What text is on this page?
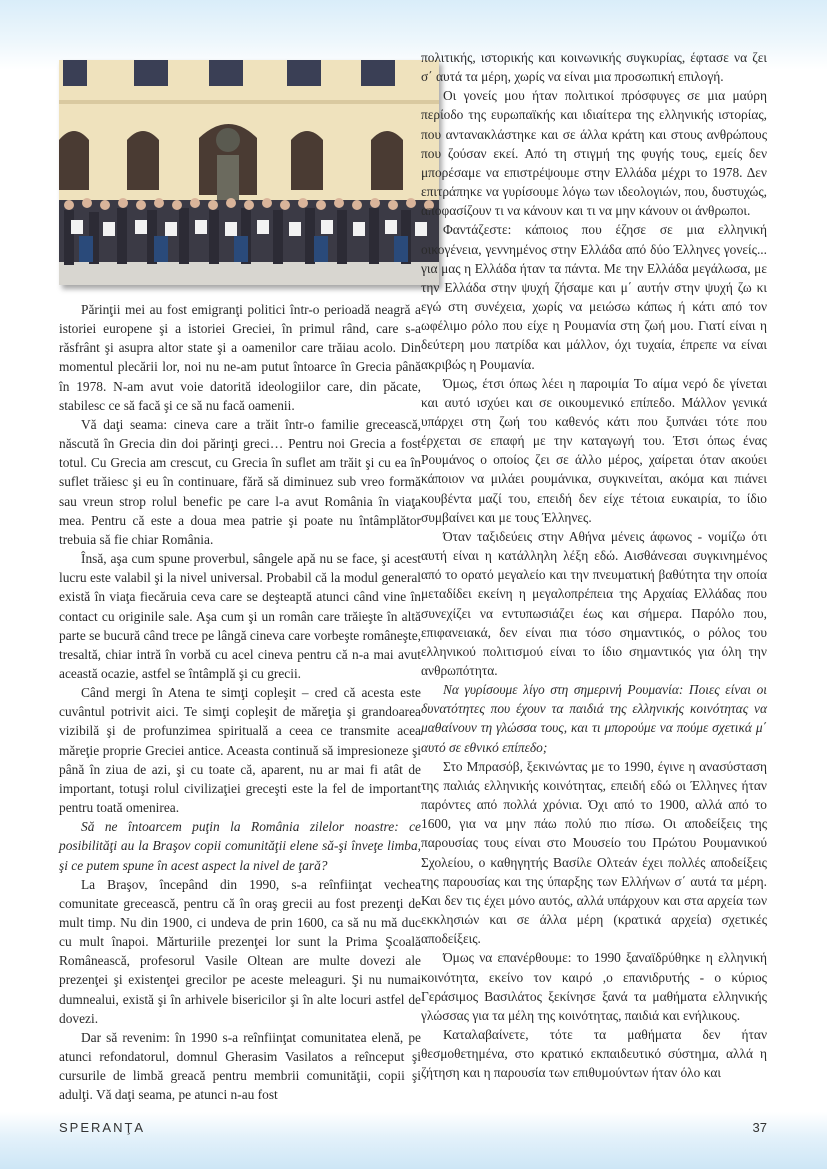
Părinţii mei au fost emigranţi politici într-o perioadă neagră a istoriei europene şi a istoriei Greciei, în primul rând, care s-a răsfrânt şi asupra altor state şi a oamenilor care trăiau acolo. Din momentul plecării lor, noi nu ne-am putut întoarce în Grecia până în 1978. N-am avut voie datorită ideologiilor care, din păcate, stabilesc ce să facă şi ce să nu facă oamenii.

Vă daţi seama: cineva care a trăit într-o familie grecească, născută în Grecia din doi părinţi greci… Pentru noi Grecia a fost totul. Cu Grecia am crescut, cu Grecia în suflet am trăit şi cu ea în suflet trăiesc şi eu în continuare, fără să diminuez sub vreo formă sau vreun strop rolul benefic pe care l-a avut România în viaţa mea. Pentru că este a doua mea patrie şi poate nu întâmplător trebuia să fie chiar România.

Însă, aşa cum spune proverbul, sângele apă nu se face, şi acest lucru este valabil şi la nivel universal. Probabil că la modul general există în viaţa fiecăruia ceva care se deşteaptă atunci când vine în contact cu originile sale. Aşa cum şi un român care trăieşte în altă parte se bucură când trece pe lângă cineva care vorbeşte româneşte, tresaltă, chiar intră în vorbă cu acel cineva pentru că n-a mai avut această ocazie, astfel se întâmplă şi cu grecii.

Când mergi în Atena te simţi copleşit – cred că acesta este cuvântul potrivit aici. Te simţi copleşit de măreţia şi grandoarea vizibilă şi de profunzimea spirituală a ceea ce transmite acea măreţie proprie Greciei antice. Aceasta continuă să impresioneze şi până în ziua de azi, şi cu toate că, aparent, nu ar mai fi atât de important, totuşi rolul civilizaţiei greceşti este la fel de important pentru toată omenirea.

Să ne întoarcem puţin la România zilelor noastre: ce posibilităţi au la Braşov copii comunităţii elene să-şi înveţe limba, şi ce putem spune în acest aspect la nivel de ţară?

La Braşov, începând din 1990, s-a reînfiinţat vechea comunitate grecească, pentru că în oraş grecii au fost prezenţi de mult timp. Nu din 1900, ci undeva de prin 1600, ca să nu mă duc cu mult înapoi. Mărturiile prezenţei lor sunt la Prima Şcoală Românească, profesorul Vasile Oltean are multe dovezi ale prezenţei şi existenţei grecilor pe aceste meleaguri. Şi nu numai dumnealui, există şi în arhivele bisericilor şi în alte locuri astfel de dovezi.

Dar să revenim: în 1990 s-a reînfiinţat comunitatea elenă, pe atunci refondatorul, domnul Gherasim Vasilatos a reînceput şi cursurile de limbă greacă pentru membrii comunităţii, copii şi adulţi. Vă daţi seama, pe atunci n-au fost

πολιτικής, ιστορικής και κοινωνικής συγκυρίας, έφτασε να ζει σ΄ αυτά τα μέρη, χωρίς να είναι μια προσωπική επιλογή.

Οι γονείς μου ήταν πολιτικοί πρόσφυγες σε μια μαύρη περίοδο της ευρωπαϊκής και ιδιαίτερα της ελληνικής ιστορίας, που αντανακλάστηκε και σε άλλα κράτη και στους ανθρώπους που ζούσαν εκεί. Από τη στιγμή της φυγής τους, εμείς δεν μπορέσαμε να επιστρέψουμε στην Ελλάδα μέχρι το 1978. Δεν επιτράπηκε να γυρίσουμε λόγω των ιδεολογιών, που, δυστυχώς, αποφασίζουν τι να κάνουν και τι να μην κάνουν οι άνθρωποι.

Φαντάζεστε: κάποιος που έζησε σε μια ελληνική οικογένεια, γεννημένος στην Ελλάδα από δύο Έλληνες γονείς... για μας η Ελλάδα ήταν τα πάντα. Με την Ελλάδα μεγάλωσα, με την Ελλάδα στην ψυχή ζήσαμε και μ΄ αυτήν στην ψυχή ζω κι εγώ στη συνέχεια, χωρίς να μειώσω κάπως ή κάτι από τον ωφέλιμο ρόλο που είχε η Ρουμανία στη ζωή μου. Γιατί είναι η δεύτερη μου πατρίδα και μάλλον, όχι τυχαία, έπρεπε να είναι ακριβώς η Ρουμανία.

Όμως, έτσι όπως λέει η παροιμία Το αίμα νερό δε γίνεται και αυτό ισχύει και σε οικουμενικό επίπεδο. Μάλλον γενικά υπάρχει στη ζωή του καθενός κάτι που ξυπνάει τότε που έρχεται σε επαφή με την καταγωγή του. Έτσι όπως ένας Ρουμάνος ο οποίος ζει σε άλλο μέρος, χαίρεται όταν ακούει κάποιον να μιλάει ρουμάνικα, συγκινείται, ακόμα και πιάνει κουβέντα μαζί του, επειδή δεν είχε τέτοια ευκαιρία, το ίδιο συμβαίνει και με τους Έλληνες.

Όταν ταξιδεύεις στην Αθήνα μένεις άφωνος - νομίζω ότι αυτή είναι η κατάλληλη λέξη εδώ. Αισθάνεσαι συγκινημένος από το ορατό μεγαλείο και την πνευματική βαθύτητα την οποία μεταδίδει εκείνη η μεγαλοπρέπεια της Αρχαίας Ελλάδας που συνεχίζει να εντυπωσιάζει έως και σήμερα. Παρόλο που, επιφανειακά, δεν είναι πια τόσο σημαντικός, ο ρόλος του ελληνικού πολιτισμού είναι το ίδιο σημαντικός για όλη την ανθρωπότητα.

Να γυρίσουμε λίγο στη σημερινή Ρουμανία: Ποιες είναι οι δυνατότητες που έχουν τα παιδιά της ελληνικής κοινότητας να μαθαίνουν τη γλώσσα τους, και τι μπορούμε να πούμε σχετικά μ΄ αυτό σε εθνικό επίπεδο;

Στο Μπρασόβ, ξεκινώντας με το 1990, έγινε η ανασύσταση της παλιάς ελληνικής κοινότητας, επειδή εδώ οι Έλληνες ήταν παρόντες από πολλά χρόνια. Όχι από το 1900, αλλά από το 1600, για να μην πάω πολύ πιο πίσω. Οι αποδείξεις της παρουσίας τους είναι στο Μουσείο του Πρώτου Ρουμανικού Σχολείου, ο καθηγητής Βασίλε Ολτεάν έχει πολλές αποδείξεις της παρουσίας και της ύπαρξης των Ελλήνων σ΄ αυτά τα μέρη. Και δεν τις έχει μόνο αυτός, αλλά υπάρχουν και στα αρχεία των εκκλησιών και σε άλλα μέρη (κρατικά αρχεία) σχετικές αποδείξεις.

Όμως να επανέρθουμε: το 1990 ξαναϊδρύθηκε η ελληνική κοινότητα, εκείνο τον καιρό ,ο επανιδρυτής - ο κύριος Γεράσιμος Βασιλάτος ξεκίνησε ξανά τα μαθήματα ελληνικής γλώσσας για τα μέλη της κοινότητας, παιδιά και ενήλικους.

Καταλαβαίνετε, τότε τα μαθήματα δεν ήταν θεσμοθετημένα, στο κρατικό εκπαιδευτικό σύστημα, αλλά η ζήτηση και η παρουσία των επιθυμούντων ήταν όλο και

SPERANŢA	37
